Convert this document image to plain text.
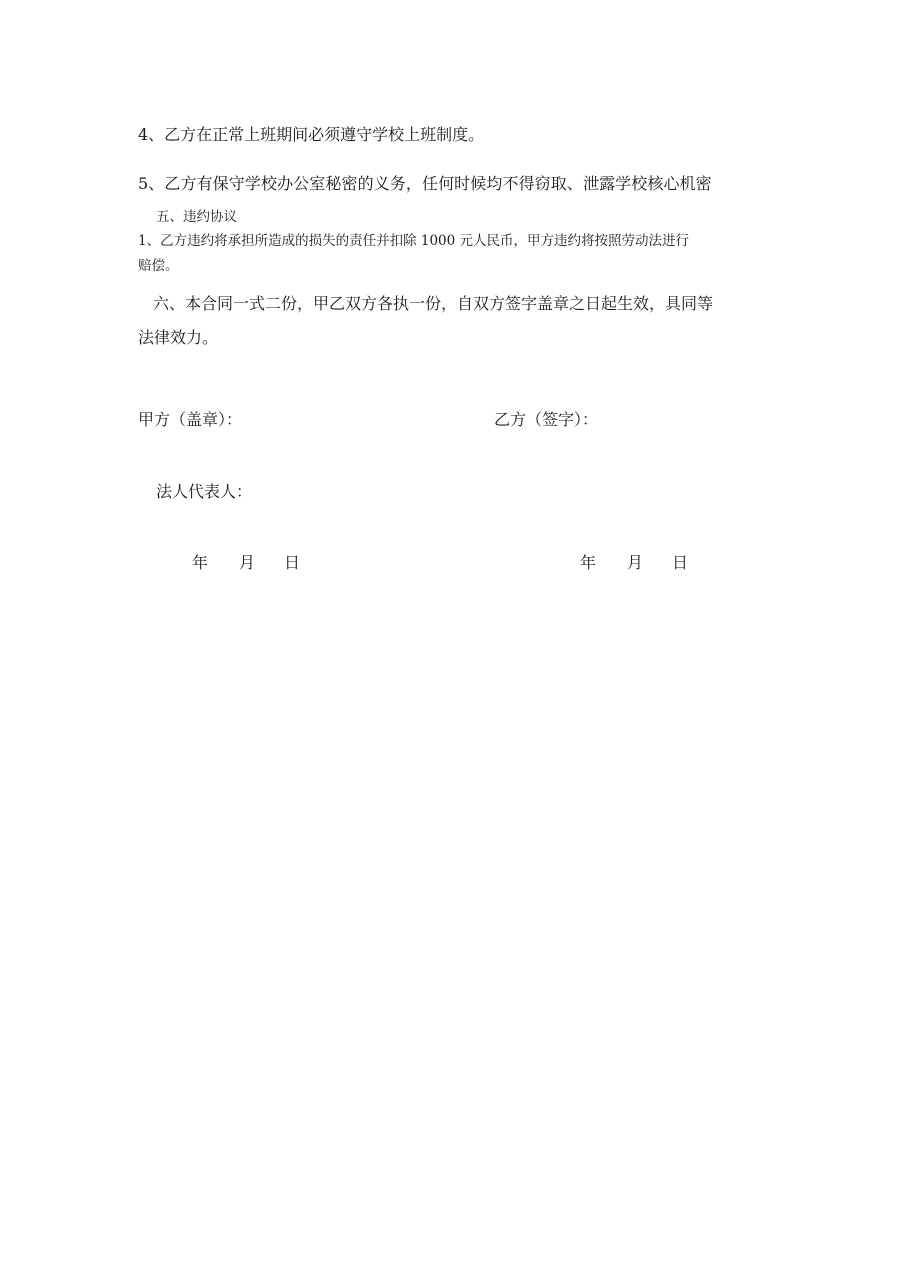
4、乙方在正常上班期间必须遵守学校上班制度。
5、乙方有保守学校办公室秘密的义务，任何时候均不得窃取、泄露学校核心机密
五、违约协议
1、乙方违约将承担所造成的损失的责任并扣除 1000 元人民币，甲方违约将按照劳动法进行
赔偿。
六、本合同一式二份，甲乙双方各执一份，自双方签字盖章之日起生效，具同等
法律效力。
甲方（盖章）：	乙方（签字）：
法人代表人：
年 月 日	年 月 日
